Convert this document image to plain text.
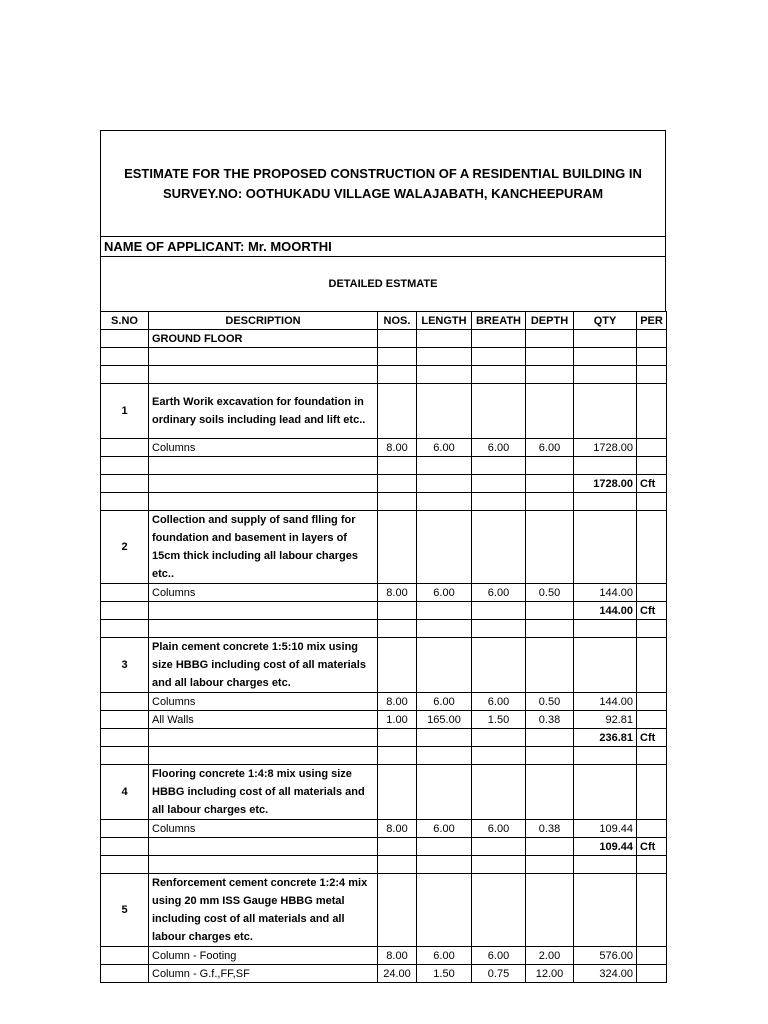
ESTIMATE FOR THE PROPOSED CONSTRUCTION OF A RESIDENTIAL BUILDING IN
SURVEY.NO: OOTHUKADU VILLAGE WALAJABATH, KANCHEEPURAM
NAME OF APPLICANT: Mr. MOORTHI
DETAILED ESTMATE
S.NO	DESCRIPTION	NOS.	LENGTH	BREATH	DEPTH	QTY	PER
	GROUND FLOOR						

1	Earth Worik excavation for foundation in ordinary soils including lead and lift etc..						
	Columns	8.00	6.00	6.00	6.00	1728.00	

						1728.00	Cft

2	Collection and supply of sand flling for foundation and basement in layers of 15cm thick including all labour charges etc..						
	Columns	8.00	6.00	6.00	0.50	144.00	
						144.00	Cft

3	Plain cement concrete 1:5:10 mix using size HBBG including cost of all materials and all labour charges etc.						
	Columns	8.00	6.00	6.00	0.50	144.00	
	All Walls	1.00	165.00	1.50	0.38	92.81	
						236.81	Cft

4	Flooring concrete 1:4:8 mix using size HBBG including cost of all materials and all labour charges etc.						
	Columns	8.00	6.00	6.00	0.38	109.44	
						109.44	Cft

5	Renforcement cement concrete 1:2:4 mix using 20 mm ISS Gauge HBBG metal including cost of all materials and all labour charges etc.						
	Column - Footing	8.00	6.00	6.00	2.00	576.00	
	Column - G.f.,FF,SF	24.00	1.50	0.75	12.00	324.00	
